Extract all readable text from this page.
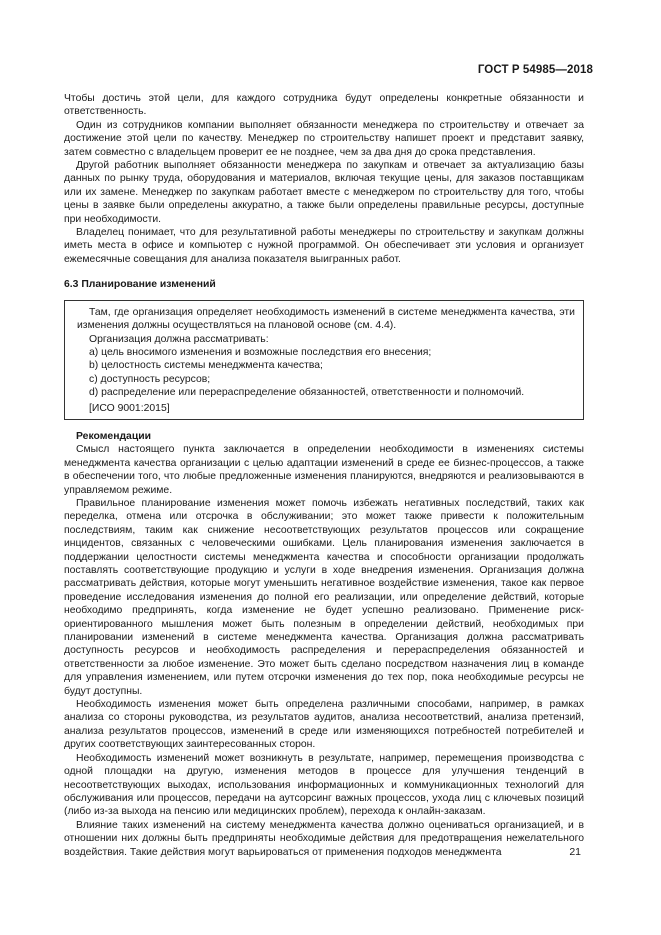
ГОСТ Р 54985—2018

Чтобы достичь этой цели, для каждого сотрудника будут определены конкретные обязанности и ответственность.

Один из сотрудников компании выполняет обязанности менеджера по строительству и отвечает за достижение этой цели по качеству. Менеджер по строительству напишет проект и представит заявку, затем совместно с владельцем проверит ее не позднее, чем за два дня до срока представления.

Другой работник выполняет обязанности менеджера по закупкам и отвечает за актуализацию базы данных по рынку труда, оборудования и материалов, включая текущие цены, для заказов поставщикам или их замене. Менеджер по закупкам работает вместе с менеджером по строительству для того, чтобы цены в заявке были определены аккуратно, а также были определены правильные ресурсы, доступные при необходимости.

Владелец понимает, что для результативной работы менеджеры по строительству и закупкам должны иметь места в офисе и компьютер с нужной программой. Он обеспечивает эти условия и организует ежемесячные совещания для анализа показателя выигранных работ.

6.3 Планирование изменений

Там, где организация определяет необходимость изменений в системе менеджмента качества, эти изменения должны осуществляться на плановой основе (см. 4.4).

Организация должна рассматривать:

a) цель вносимого изменения и возможные последствия его внесения;

b) целостность системы менеджмента качества;

c) доступность ресурсов;

d) распределение или перераспределение обязанностей, ответственности и полномочий.

[ИСО 9001:2015]

Рекомендации

Смысл настоящего пункта заключается в определении необходимости в изменениях системы менеджмента качества организации с целью адаптации изменений в среде ее бизнес-процессов, а также в обеспечении того, что любые предложенные изменения планируются, внедряются и реализовываются в управляемом режиме.

Правильное планирование изменения может помочь избежать негативных последствий, таких как переделка, отмена или отсрочка в обслуживании; это может также привести к положительным последствиям, таким как снижение несоответствующих результатов процессов или сокращение инцидентов, связанных с человеческими ошибками. Цель планирования изменения заключается в поддержании целостности системы менеджмента качества и способности организации продолжать поставлять соответствующие продукцию и услуги в ходе внедрения изменения. Организация должна рассматривать действия, которые могут уменьшить негативное воздействие изменения, такое как первое проведение исследования изменения до полной его реализации, или определение действий, которые необходимо предпринять, когда изменение не будет успешно реализовано. Применение риск-ориентированного мышления может быть полезным в определении действий, необходимых при планировании изменений в системе менеджмента качества. Организация должна рассматривать доступность ресурсов и необходимость распределения и перераспределения обязанностей и ответственности за любое изменение. Это может быть сделано посредством назначения лиц в команде для управления изменением, или путем отсрочки изменения до тех пор, пока необходимые ресурсы не будут доступны.

Необходимость изменения может быть определена различными способами, например, в рамках анализа со стороны руководства, из результатов аудитов, анализа несоответствий, анализа претензий, анализа результатов процессов, изменений в среде или изменяющихся потребностей потребителей и других соответствующих заинтересованных сторон.

Необходимость изменений может возникнуть в результате, например, перемещения производства с одной площадки на другую, изменения методов в процессе для улучшения тенденций в несоответствующих выходах, использования информационных и коммуникационных технологий для обслуживания или процессов, передачи на аутсорсинг важных процессов, ухода лиц с ключевых позиций (либо из-за выхода на пенсию или медицинских проблем), перехода к онлайн-заказам.

Влияние таких изменений на систему менеджмента качества должно оцениваться организацией, и в отношении них должны быть предприняты необходимые действия для предотвращения нежелательного воздействия. Такие действия могут варьироваться от применения подходов менеджмента	21
